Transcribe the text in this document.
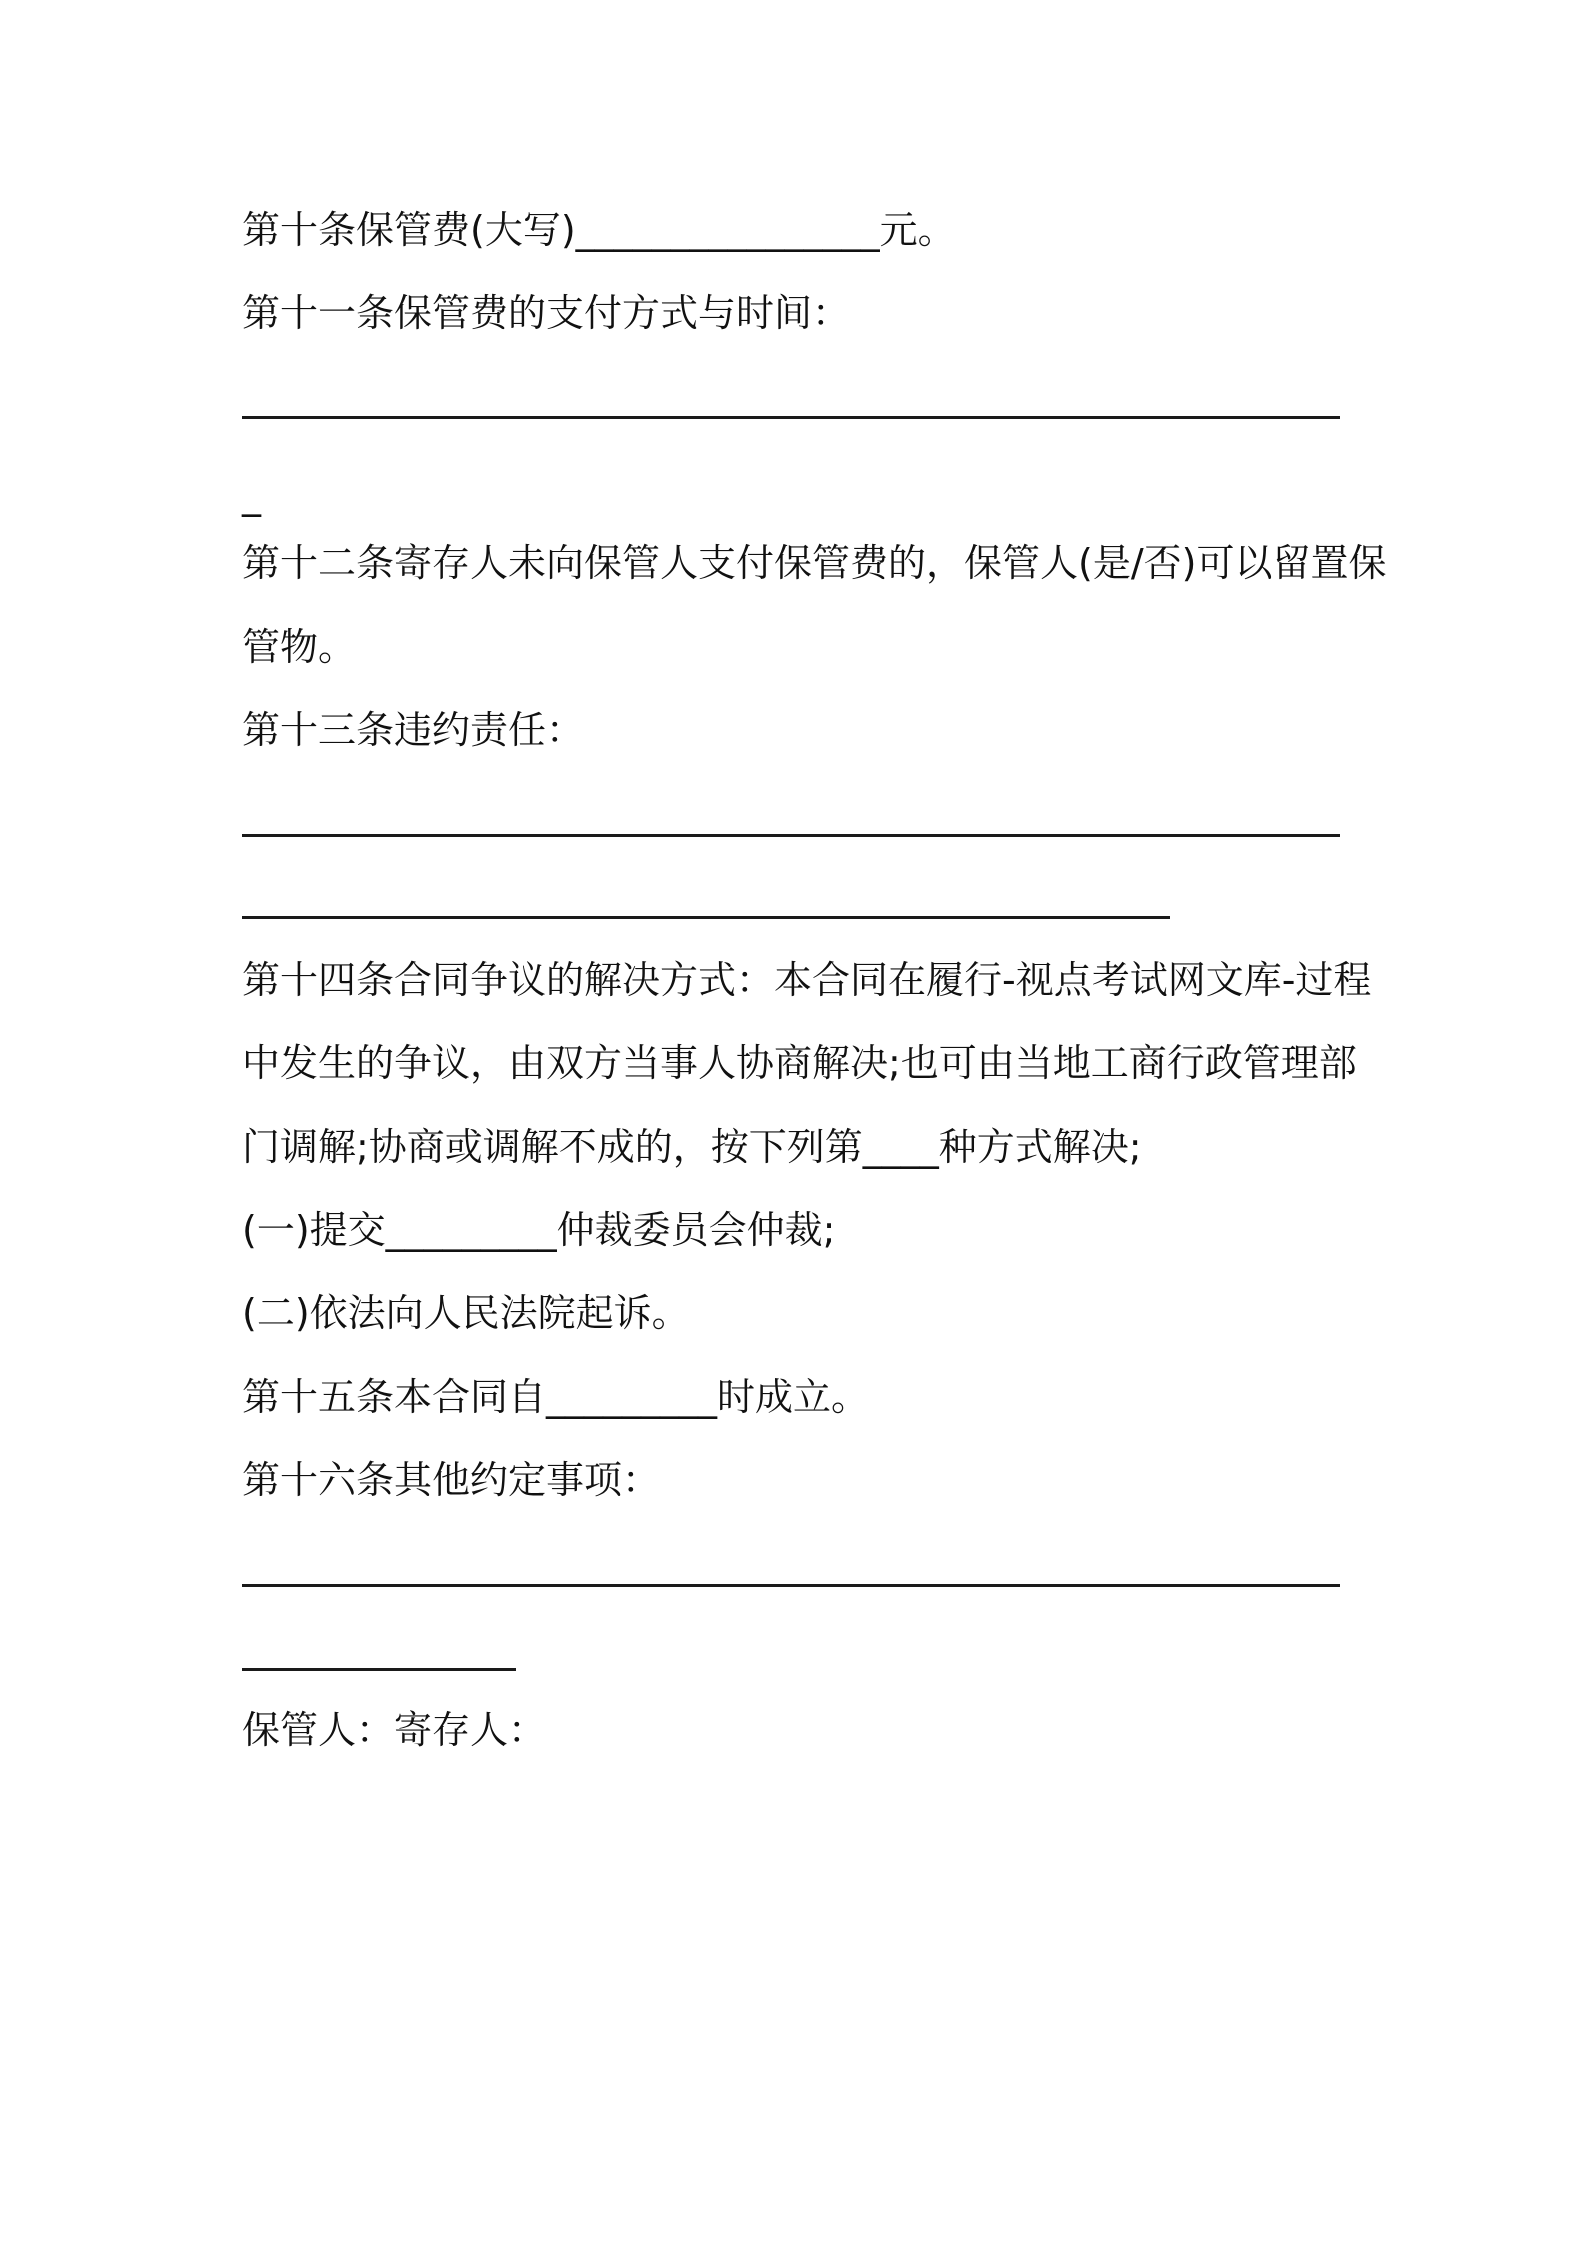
第十条保管费(大写)________________元。

第十一条保管费的支付方式与时间：

_

第十二条寄存人未向保管人支付保管费的，保管人(是/否)可以留置保

管物。

第十三条违约责任：

第十四条合同争议的解决方式：本合同在履行-视点考试网文库-过程

中发生的争议，由双方当事人协商解决;也可由当地工商行政管理部

门调解;协商或调解不成的，按下列第____种方式解决;

(一)提交_________仲裁委员会仲裁;

(二)依法向人民法院起诉。

第十五条本合同自_________时成立。

第十六条其他约定事项：

保管人：寄存人：
